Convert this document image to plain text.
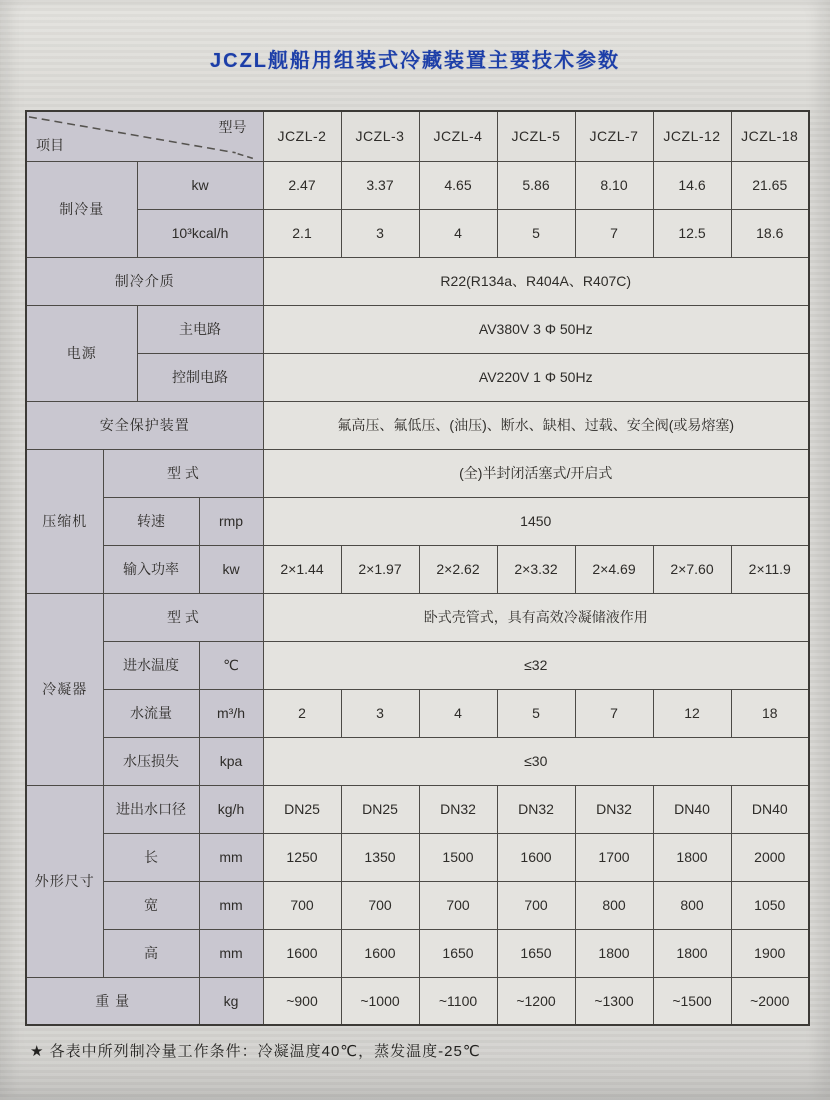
JCZL舰船用组装式冷藏装置主要技术参数
项目
型号				JCZL-2	JCZL-3	JCZL-4	JCZL-5	JCZL-7	JCZL-12	JCZL-18
制冷量		kw		2.47	3.37	4.65	5.86	8.10	14.6	21.65
		10³kcal/h		2.1	3	4	5	7	12.5	18.6
制冷介质				R22(R134a、R404A、R407C)						
电源		主电路		AV380V 3 Φ 50Hz						
		控制电路		AV220V 1 Φ 50Hz						
安全保护装置				氟高压、氟低压、(油压)、断水、缺相、过载、安全阀(或易熔塞)						
压缩机	型 式			(全)半封闭活塞式/开启式						
	转速		rmp	1450						
	输入功率		kw	2×1.44	2×1.97	2×2.62	2×3.32	2×4.69	2×7.60	2×11.9
冷凝器	型 式			卧式壳管式，具有高效冷凝储液作用						
	进水温度		℃	≤32						
	水流量		m³/h	2	3	4	5	7	12	18
	水压损失		kpa	≤30						
外形尺寸	进出水口径		kg/h	DN25	DN25	DN32	DN32	DN32	DN40	DN40
	长		mm	1250	1350	1500	1600	1700	1800	2000
	宽		mm	700	700	700	700	800	800	1050
	高		mm	1600	1600	1650	1650	1800	1800	1900
重 量			kg	~900	~1000	~1100	~1200	~1300	~1500	~2000
★ 各表中所列制冷量工作条件：冷凝温度40℃，蒸发温度-25℃
